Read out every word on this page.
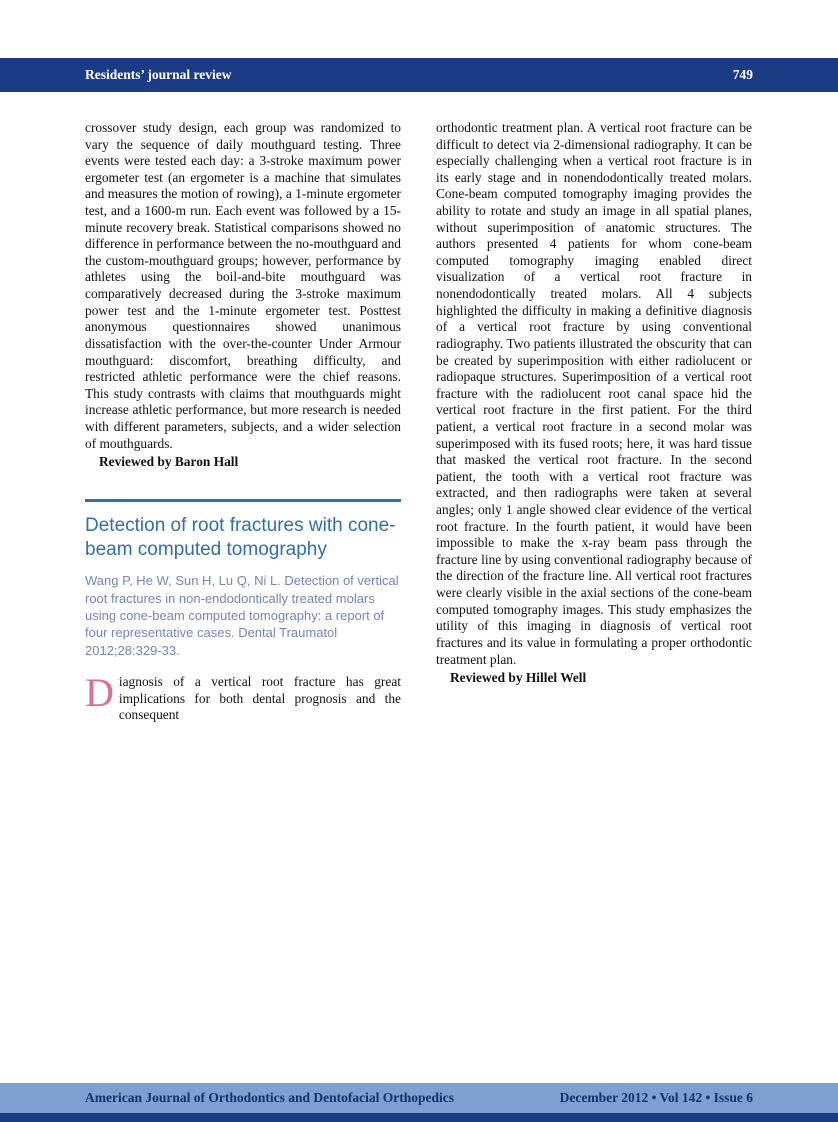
Residents’ journal review	749

crossover study design, each group was randomized to vary the sequence of daily mouthguard testing. Three events were tested each day: a 3-stroke maximum power ergometer test (an ergometer is a machine that simulates and measures the motion of rowing), a 1-minute ergometer test, and a 1600-m run. Each event was followed by a 15-minute recovery break. Statistical comparisons showed no difference in performance between the no-mouthguard and the custom-mouthguard groups; however, performance by athletes using the boil-and-bite mouthguard was comparatively decreased during the 3-stroke maximum power test and the 1-minute ergometer test. Posttest anonymous questionnaires showed unanimous dissatisfaction with the over-the-counter Under Armour mouthguard: discomfort, breathing difficulty, and restricted athletic performance were the chief reasons. This study contrasts with claims that mouthguards might increase athletic performance, but more research is needed with different parameters, subjects, and a wider selection of mouthguards.

Reviewed by Baron Hall

Detection of root fractures with cone-beam computed tomography

Wang P, He W, Sun H, Lu Q, Ni L. Detection of vertical root fractures in non-endodontically treated molars using cone-beam computed tomography: a report of four representative cases. Dental Traumatol 2012;28:329-33.

Diagnosis of a vertical root fracture has great implications for both dental prognosis and the consequent

orthodontic treatment plan. A vertical root fracture can be difficult to detect via 2-dimensional radiography. It can be especially challenging when a vertical root fracture is in its early stage and in nonendodontically treated molars. Cone-beam computed tomography imaging provides the ability to rotate and study an image in all spatial planes, without superimposition of anatomic structures. The authors presented 4 patients for whom cone-beam computed tomography imaging enabled direct visualization of a vertical root fracture in nonendodontically treated molars. All 4 subjects highlighted the difficulty in making a definitive diagnosis of a vertical root fracture by using conventional radiography. Two patients illustrated the obscurity that can be created by superimposition with either radiolucent or radiopaque structures. Superimposition of a vertical root fracture with the radiolucent root canal space hid the vertical root fracture in the first patient. For the third patient, a vertical root fracture in a second molar was superimposed with its fused roots; here, it was hard tissue that masked the vertical root fracture. In the second patient, the tooth with a vertical root fracture was extracted, and then radiographs were taken at several angles; only 1 angle showed clear evidence of the vertical root fracture. In the fourth patient, it would have been impossible to make the x-ray beam pass through the fracture line by using conventional radiography because of the direction of the fracture line. All vertical root fractures were clearly visible in the axial sections of the cone-beam computed tomography images. This study emphasizes the utility of this imaging in diagnosis of vertical root fractures and its value in formulating a proper orthodontic treatment plan.

Reviewed by Hillel Well

American Journal of Orthodontics and Dentofacial Orthopedics	December 2012 • Vol 142 • Issue 6
